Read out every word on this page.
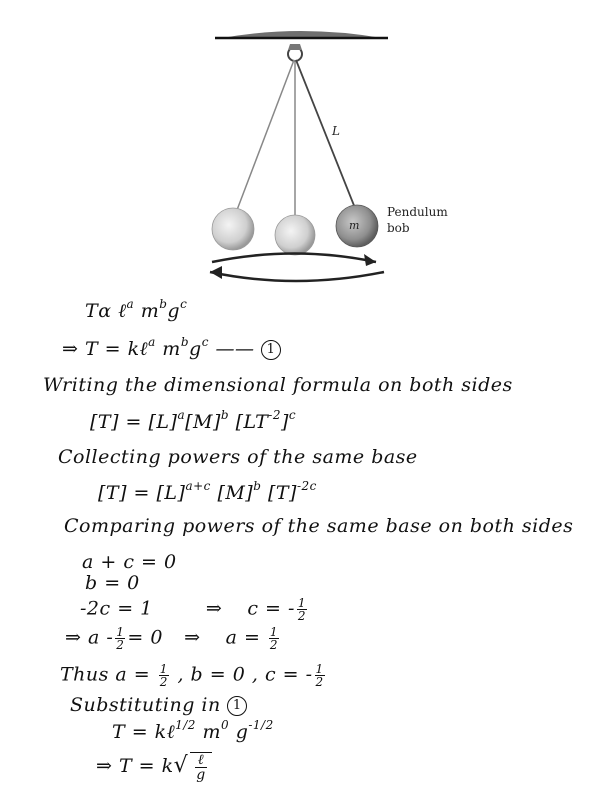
L
m
Pendulum
bob
Tα ℓ$^a$ $m^bg^c$
⇒ T = kℓ$^a$ $m^bg^c$ —— 1
Writing the dimensional formula on both sides
$[T] = [L]^a[M]^b$ $[LT^{-2}]^c$
Collecting powers of the same base
$[T] = [L]^{a+c}$ $[M]^b$ $[T]^{-2c}$
Comparing powers of the same base on both sides
a + c = 0
b = 0
-2c = 1	⇒ c = - $\frac{1}{2}$
⇒ $a - \frac{1}{2} = 0$ ⇒ $a = \frac{1}{2}$
Thus $a = \frac{1}{2}$ , b = 0 , c = - $\frac{1}{2}$
Substituting in 1
T = kℓ$^{1/2}$ $m^0$ $g^{-1/2}$
⇒ $T = k√ \frac{\text{ℓ}}{g}$
